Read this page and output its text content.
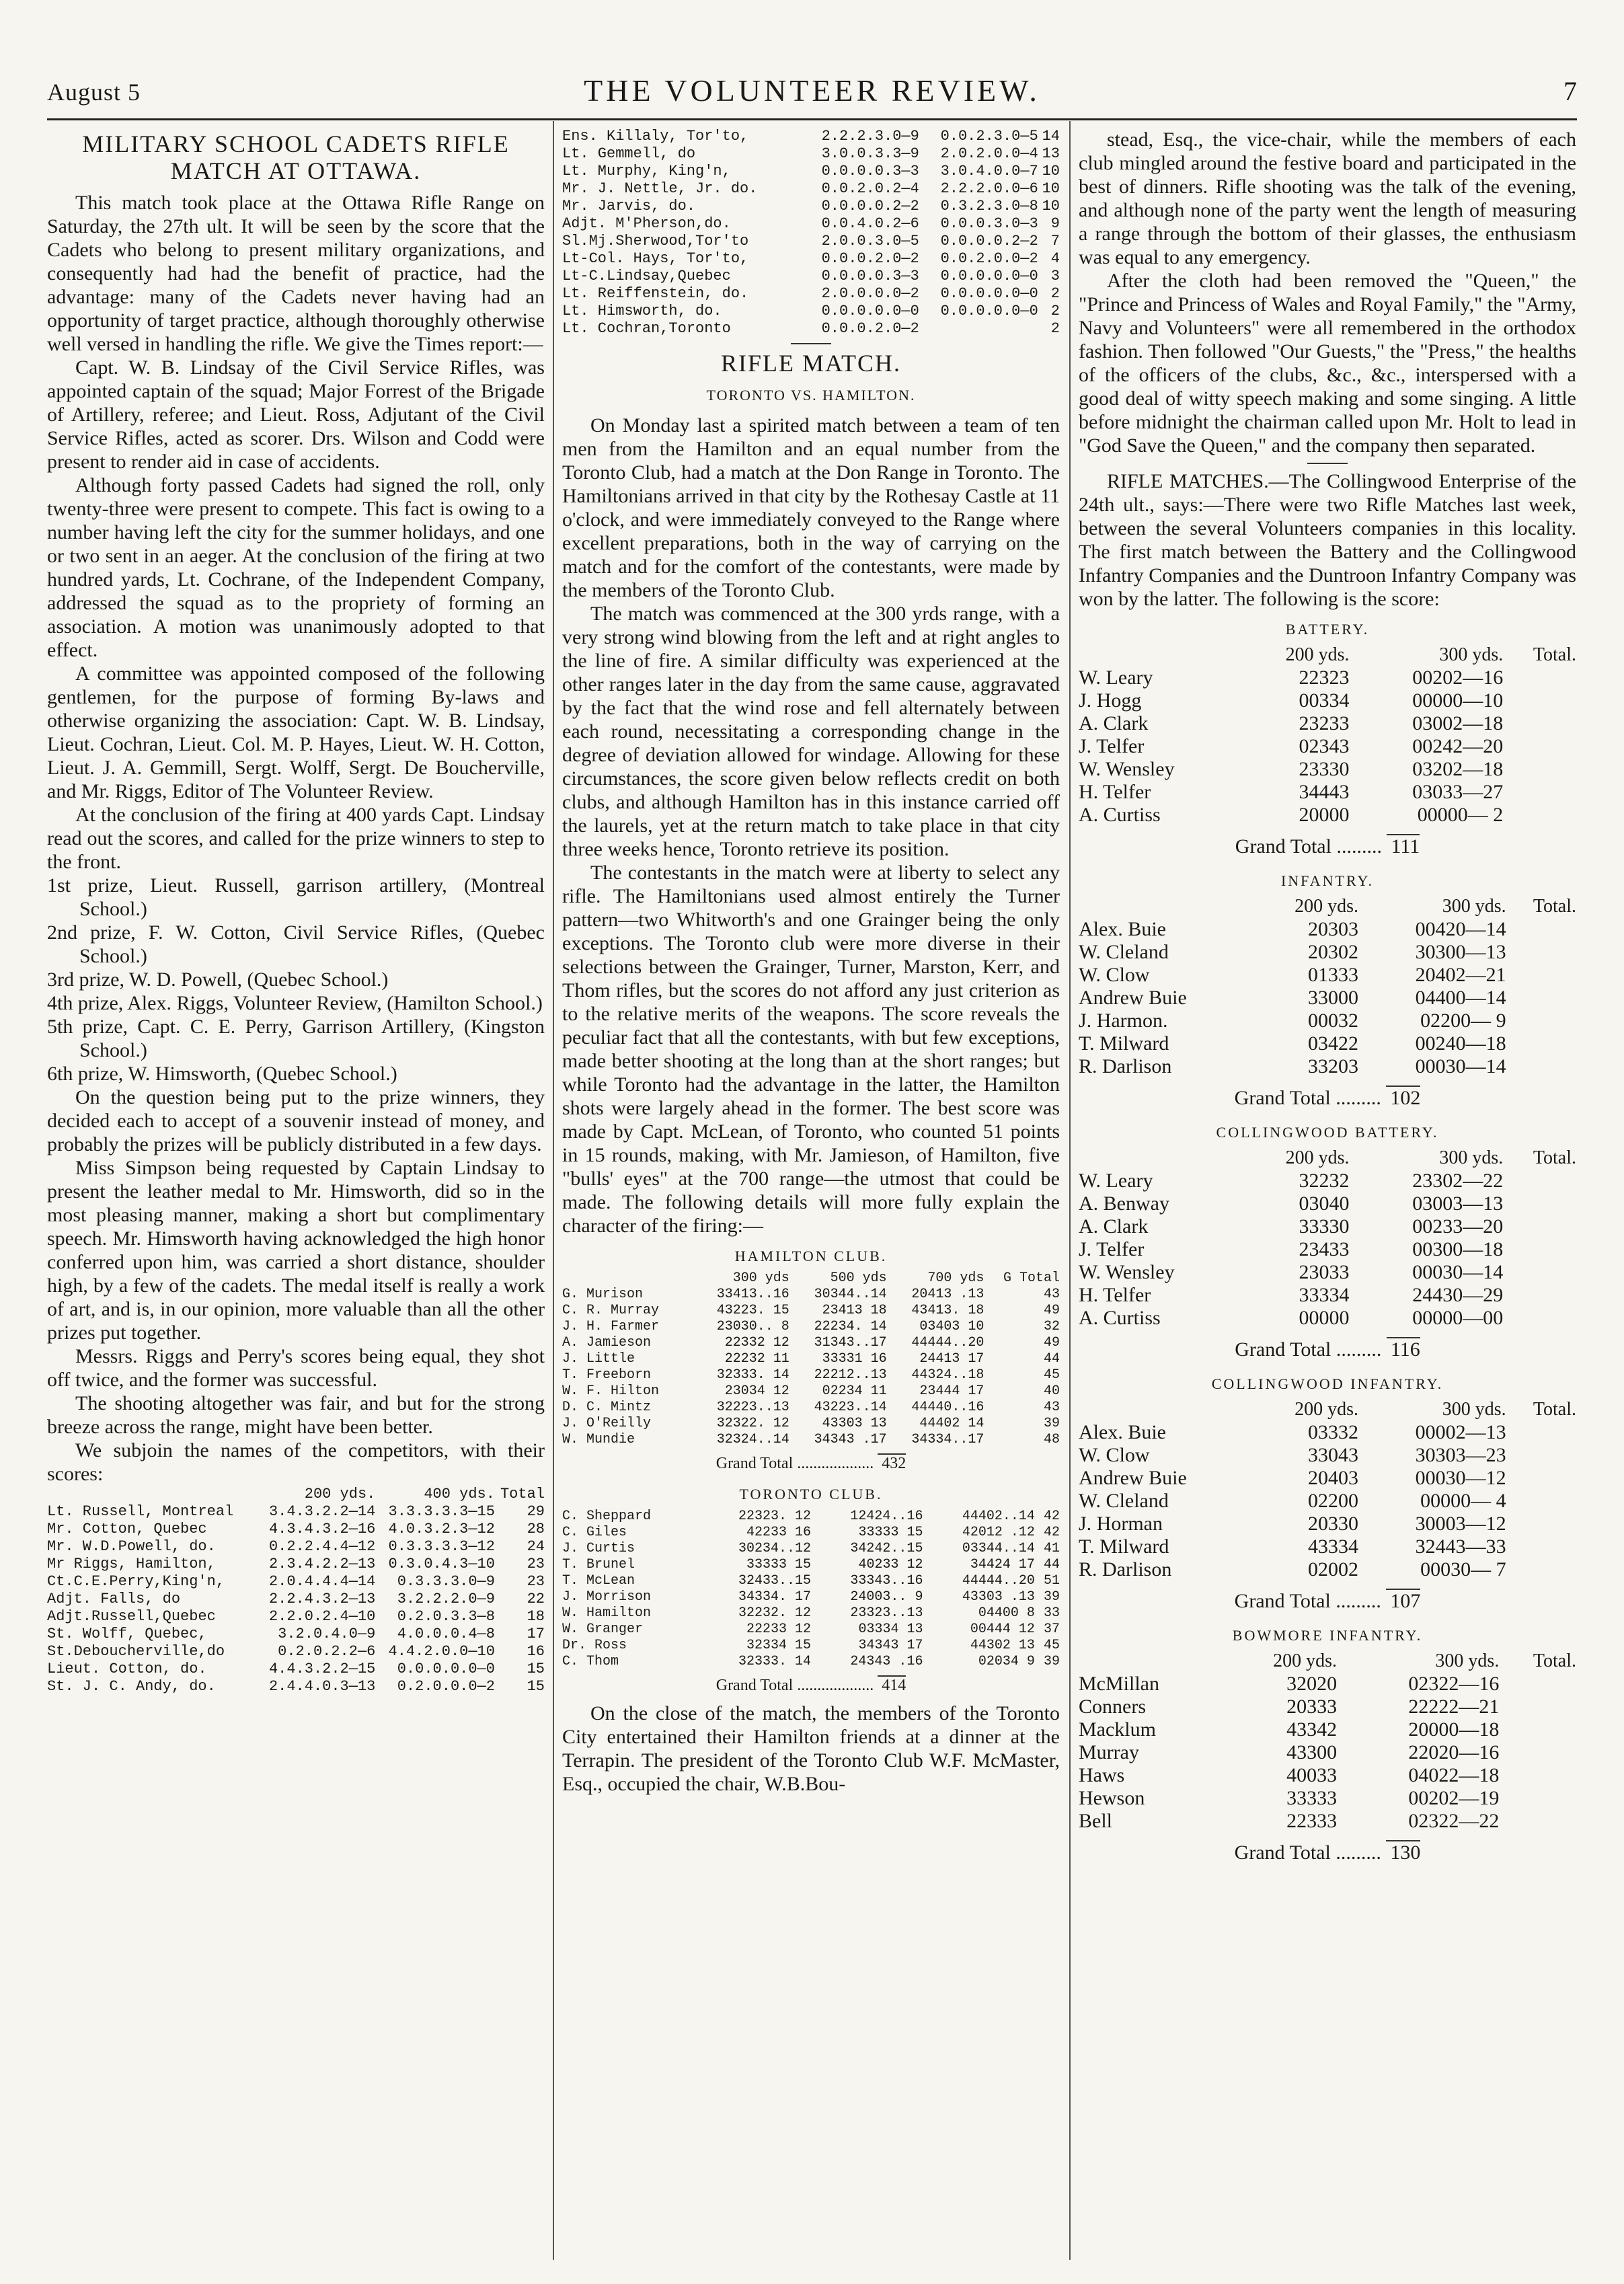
August 5	THE VOLUNTEER REVIEW.	7
MILITARY SCHOOL CADETS RIFLE MATCH AT OTTAWA.

This match took place at the Ottawa Rifle Range on Saturday, the 27th ult. It will be seen by the score that the Cadets who belong to present military organizations, and consequently had had the benefit of practice, had the advantage: many of the Cadets never having had an opportunity of target practice, although thoroughly otherwise well versed in handling the rifle. We give the Times report:—

Capt. W. B. Lindsay of the Civil Service Rifles, was appointed captain of the squad; Major Forrest of the Brigade of Artillery, referee; and Lieut. Ross, Adjutant of the Civil Service Rifles, acted as scorer. Drs. Wilson and Codd were present to render aid in case of accidents.

Although forty passed Cadets had signed the roll, only twenty-three were present to compete. This fact is owing to a number having left the city for the summer holidays, and one or two sent in an aeger. At the conclusion of the firing at two hundred yards, Lt. Cochrane, of the Independent Company, addressed the squad as to the propriety of forming an association. A motion was unanimously adopted to that effect.

A committee was appointed composed of the following gentlemen, for the purpose of forming By-laws and otherwise organizing the association: Capt. W. B. Lindsay, Lieut. Cochran, Lieut. Col. M. P. Hayes, Lieut. W. H. Cotton, Lieut. J. A. Gemmill, Sergt. Wolff, Sergt. De Boucherville, and Mr. Riggs, Editor of The Volunteer Review.

At the conclusion of the firing at 400 yards Capt. Lindsay read out the scores, and called for the prize winners to step to the front.

1st prize, Lieut. Russell, garrison artillery, (Montreal School.)

2nd prize, F. W. Cotton, Civil Service Rifles, (Quebec School.)

3rd prize, W. D. Powell, (Quebec School.)

4th prize, Alex. Riggs, Volunteer Review, (Hamilton School.)

5th prize, Capt. C. E. Perry, Garrison Artillery, (Kingston School.)

6th prize, W. Himsworth, (Quebec School.)

On the question being put to the prize winners, they decided each to accept of a souvenir instead of money, and probably the prizes will be publicly distributed in a few days.

Miss Simpson being requested by Captain Lindsay to present the leather medal to Mr. Himsworth, did so in the most pleasing manner, making a short but complimentary speech. Mr. Himsworth having acknowledged the high honor conferred upon him, was carried a short distance, shoulder high, by a few of the cadets. The medal itself is really a work of art, and is, in our opinion, more valuable than all the other prizes put together.

Messrs. Riggs and Perry's scores being equal, they shot off twice, and the former was successful.

The shooting altogether was fair, and but for the strong breeze across the range, might have been better.

We subjoin the names of the competitors, with their scores:

	200 yds.	400 yds.	Total
Lt. Russell, Montreal	3.4.3.2.2—14	3.3.3.3.3—15	29
Mr. Cotton, Quebec	4.3.4.3.2—16	4.0.3.2.3—12	28
Mr. W.D.Powell, do.	0.2.2.4.4—12	0.3.3.3.3—12	24
Mr Riggs, Hamilton,	2.3.4.2.2—13	0.3.0.4.3—10	23
Ct.C.E.Perry,King'n,	2.0.4.4.4—14	0.3.3.3.0—9	23
Adjt. Falls, do	2.2.4.3.2—13	3.2.2.2.0—9	22
Adjt.Russell,Quebec	2.2.0.2.4—10	0.2.0.3.3—8	18
St. Wolff, Quebec,	3.2.0.4.0—9	4.0.0.0.4—8	17
St.Deboucherville,do	0.2.0.2.2—6	4.4.2.0.0—10	16
Lieut. Cotton, do.	4.4.3.2.2—15	0.0.0.0.0—0	15
St. J. C. Andy, do.	2.4.4.0.3—13	0.2.0.0.0—2	15
Ens. Killaly, Tor'to,	2.2.2.3.0—9	0.0.2.3.0—5	14
Lt. Gemmell, do	3.0.0.3.3—9	2.0.2.0.0—4	13
Lt. Murphy, King'n,	0.0.0.0.3—3	3.0.4.0.0—7	10
Mr. J. Nettle, Jr. do.	0.0.2.0.2—4	2.2.2.0.0—6	10
Mr. Jarvis, do.	0.0.0.0.2—2	0.3.2.3.0—8	10
Adjt. M'Pherson,do.	0.0.4.0.2—6	0.0.0.3.0—3	9
Sl.Mj.Sherwood,Tor'to	2.0.0.3.0—5	0.0.0.0.2—2	7
Lt-Col. Hays, Tor'to,	0.0.0.2.0—2	0.0.2.0.0—2	4
Lt-C.Lindsay,Quebec	0.0.0.0.3—3	0.0.0.0.0—0	3
Lt. Reiffenstein, do.	2.0.0.0.0—2	0.0.0.0.0—0	2
Lt. Himsworth, do.	0.0.0.0.0—0	0.0.0.0.0—0	2
Lt. Cochran,Toronto	0.0.0.2.0—2		2
RIFLE MATCH.
TORONTO VS. HAMILTON.

On Monday last a spirited match between a team of ten men from the Hamilton and an equal number from the Toronto Club, had a match at the Don Range in Toronto. The Hamiltonians arrived in that city by the Rothesay Castle at 11 o'clock, and were immediately conveyed to the Range where excellent preparations, both in the way of carrying on the match and for the comfort of the contestants, were made by the members of the Toronto Club.

The match was commenced at the 300 yrds range, with a very strong wind blowing from the left and at right angles to the line of fire. A similar difficulty was experienced at the other ranges later in the day from the same cause, aggravated by the fact that the wind rose and fell alternately between each round, necessitating a corresponding change in the degree of deviation allowed for windage. Allowing for these circumstances, the score given below reflects credit on both clubs, and although Hamilton has in this instance carried off the laurels, yet at the return match to take place in that city three weeks hence, Toronto retrieve its position.

The contestants in the match were at liberty to select any rifle. The Hamiltonians used almost entirely the Turner pattern—two Whitworth's and one Grainger being the only exceptions. The Toronto club were more diverse in their selections between the Grainger, Turner, Marston, Kerr, and Thom rifles, but the scores do not afford any just criterion as to the relative merits of the weapons. The score reveals the peculiar fact that all the contestants, with but few exceptions, made better shooting at the long than at the short ranges; but while Toronto had the advantage in the latter, the Hamilton shots were largely ahead in the former. The best score was made by Capt. McLean, of Toronto, who counted 51 points in 15 rounds, making, with Mr. Jamieson, of Hamilton, five "bulls' eyes" at the 700 range—the utmost that could be made. The following details will more fully explain the character of the firing:—

HAMILTON CLUB.
	300 yds	500 yds	700 yds	G Total
G. Murison	33413..16	30344..14	20413 .13	43
C. R. Murray	43223. 15	23413 18	43413. 18	49
J. H. Farmer	23030.. 8	22234. 14	03403 10	32
A. Jamieson	22332 12	31343..17	44444..20	49
J. Little	22232 11	33331 16	24413 17	44
T. Freeborn	32333. 14	22212..13	44324..18	45
W. F. Hilton	23034 12	02234 11	23444 17	40
D. C. Mintz	32223..13	43223..14	44440..16	43
J. O'Reilly	32322. 12	43303 13	44402 14	39
W. Mundie	32324..14	34343 .17	34334..17	48
Grand Total ................... 432
TORONTO CLUB.
C. Sheppard	22323. 12	12424..16	44402..14	42
C. Giles	42233 16	33333 15	42012 .12	42
J. Curtis	30234..12	34242..15	03344..14	41
T. Brunel	33333 15	40233 12	34424 17	44
T. McLean	32433..15	33343..16	44444..20	51
J. Morrison	34334. 17	24003.. 9	43303 .13	39
W. Hamilton	32232. 12	23323..13	04400 8	33
W. Granger	22233 12	03334 13	00444 12	37
Dr. Ross	32334 15	34343 17	44302 13	45
C. Thom	32333. 14	24343 .16	02034 9	39
Grand Total ................... 414

On the close of the match, the members of the Toronto City entertained their Hamilton friends at a dinner at the Terrapin. The president of the Toronto Club W.F. McMaster, Esq., occupied the chair, W.B.Bou-

stead, Esq., the vice-chair, while the members of each club mingled around the festive board and participated in the best of dinners. Rifle shooting was the talk of the evening, and although none of the party went the length of measuring a range through the bottom of their glasses, the enthusiasm was equal to any emergency.

After the cloth had been removed the "Queen," the "Prince and Princess of Wales and Royal Family," the "Army, Navy and Volunteers" were all remembered in the orthodox fashion. Then followed "Our Guests," the "Press," the healths of the officers of the clubs, &c., &c., interspersed with a good deal of witty speech making and some singing. A little before midnight the chairman called upon Mr. Holt to lead in "God Save the Queen," and the company then separated.

RIFLE MATCHES.—The Collingwood Enterprise of the 24th ult., says:—There were two Rifle Matches last week, between the several Volunteers companies in this locality. The first match between the Battery and the Collingwood Infantry Companies and the Duntroon Infantry Company was won by the latter. The following is the score:

BATTERY.
	200 yds.	300 yds.	Total.
W. Leary	22323	00202—16	
J. Hogg	00334	00000—10	
A. Clark	23233	03002—18	
J. Telfer	02343	00242—20	
W. Wensley	23330	03202—18	
H. Telfer	34443	03033—27	
A. Curtiss	20000	00000— 2	
Grand Total ......... 111
INFANTRY.
	200 yds.	300 yds.	Total.
Alex. Buie	20303	00420—14	
W. Cleland	20302	30300—13	
W. Clow	01333	20402—21	
Andrew Buie	33000	04400—14	
J. Harmon.	00032	02200— 9	
T. Milward	03422	00240—18	
R. Darlison	33203	00030—14	
Grand Total ......... 102
COLLINGWOOD BATTERY.
	200 yds.	300 yds.	Total.
W. Leary	32232	23302—22	
A. Benway	03040	03003—13	
A. Clark	33330	00233—20	
J. Telfer	23433	00300—18	
W. Wensley	23033	00030—14	
H. Telfer	33334	24430—29	
A. Curtiss	00000	00000—00	
Grand Total ......... 116
COLLINGWOOD INFANTRY.
	200 yds.	300 yds.	Total.
Alex. Buie	03332	00002—13	
W. Clow	33043	30303—23	
Andrew Buie	20403	00030—12	
W. Cleland	02200	00000— 4	
J. Horman	20330	30003—12	
T. Milward	43334	32443—33	
R. Darlison	02002	00030— 7	
Grand Total ......... 107
BOWMORE INFANTRY.
	200 yds.	300 yds.	Total.
McMillan	32020	02322—16	
Conners	20333	22222—21	
Macklum	43342	20000—18	
Murray	43300	22020—16	
Haws	40033	04022—18	
Hewson	33333	00202—19	
Bell	22333	02322—22	
Grand Total ......... 130
